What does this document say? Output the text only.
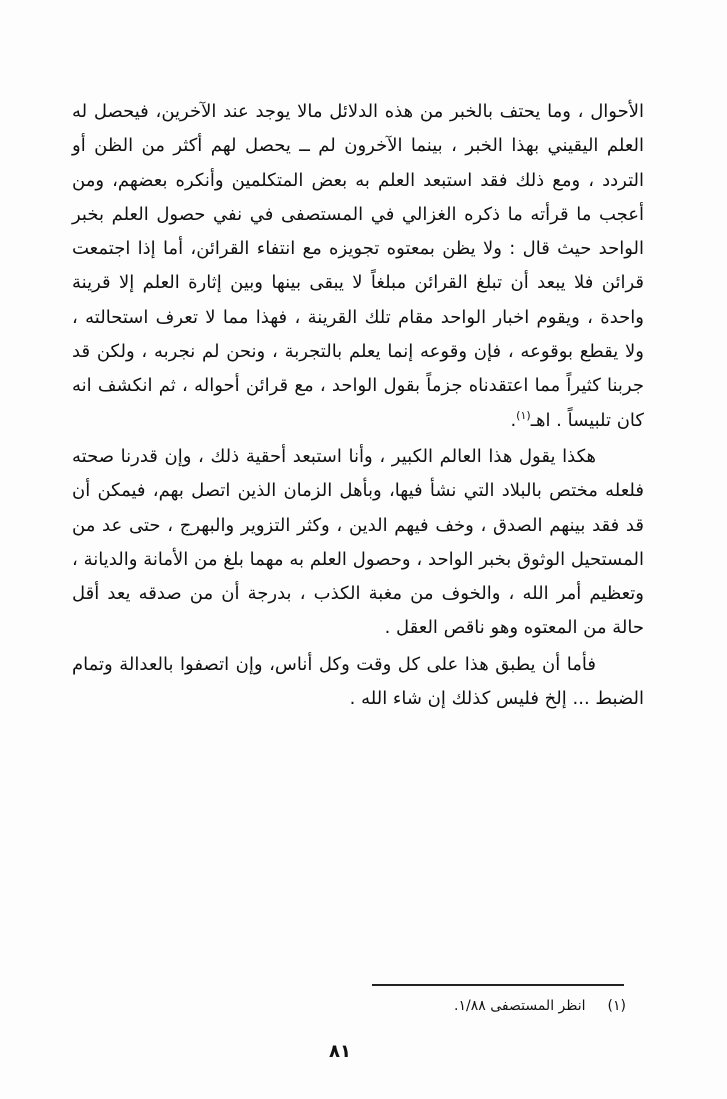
الأحوال ، وما يحتف بالخبر من هذه الدلائل مالا يوجد عند الآخرين، فيحصل له العلم اليقيني بهذا الخبر ، بينما الآخرون لم ــ يحصل لهم أكثر من الظن أو التردد ، ومع ذلك فقد استبعد العلم به بعض المتكلمين وأنكره بعضهم، ومن أعجب ما قرأته ما ذكره الغزالي في المستصفى في نفي حصول العلم بخبر الواحد حيث قال : ولا يظن بمعتوه تجويزه مع انتفاء القرائن، أما إذا اجتمعت قرائن فلا يبعد أن تبلغ القرائن مبلغاً لا يبقى بينها وبين إثارة العلم إلا قرينة واحدة ، ويقوم اخبار الواحد مقام تلك القرينة ، فهذا مما لا تعرف استحالته ، ولا يقطع بوقوعه ، فإن وقوعه إنما يعلم بالتجربة ، ونحن لم نجربه ، ولكن قد جربنا كثيراً مما اعتقدناه جزماً بقول الواحد ، مع قرائن أحواله ، ثم انكشف انه كان تلبيساً . اهـ$^{(١)}$.

هكذا يقول هذا العالم الكبير ، وأنا استبعد أحقية ذلك ، وإن قدرنا صحته فلعله مختص بالبلاد التي نشأ فيها، وبأهل الزمان الذين اتصل بهم، فيمكن أن قد فقد بينهم الصدق ، وخف فيهم الدين ، وكثر التزوير والبهرج ، حتى عد من المستحيل الوثوق بخبر الواحد ، وحصول العلم به مهما بلغ من الأمانة والديانة ، وتعظيم أمر الله ، والخوف من مغبة الكذب ، بدرجة أن من صدقه يعد أقل حالة من المعتوه وهو ناقص العقل .

فأما أن يطبق هذا على كل وقت وكل أناس، وإن اتصفوا بالعدالة وتمام الضبط ... إلخ فليس كذلك إن شاء الله .

(١)انظر المستصفى ١/٨٨.
٨١
